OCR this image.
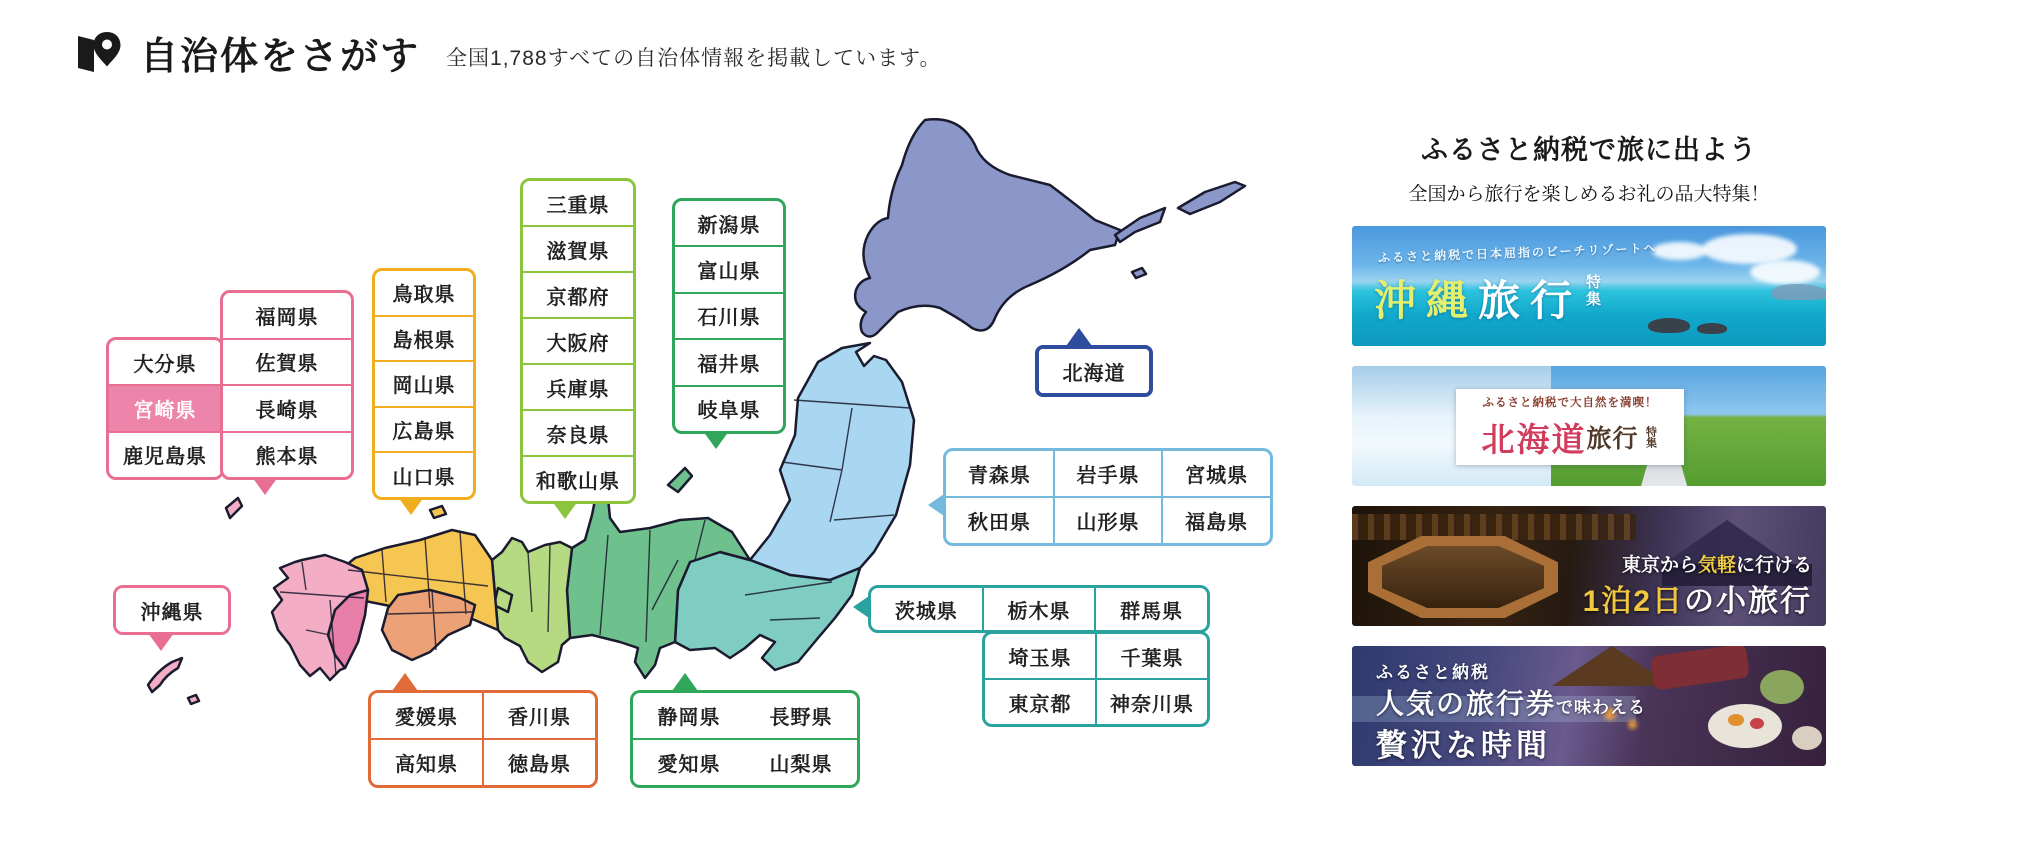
自治体をさがす 全国1,788すべての自治体情報を掲載しています。
大分県
宮崎県
鹿児島県
福岡県
佐賀県
長崎県
熊本県
沖縄県
鳥取県
島根県
岡山県
広島県
山口県
三重県
滋賀県
京都府
大阪府
兵庫県
奈良県
和歌山県
新潟県
富山県
石川県
福井県
岐阜県
北海道
青森県	岩手県	宮城県
秋田県	山形県	福島県
茨城県	栃木県	群馬県
埼玉県	千葉県
東京都	神奈川県
愛媛県	香川県
高知県	徳島県
静岡県	長野県
愛知県	山梨県
ふるさと納税で旅に出よう
全国から旅行を楽しめるお礼の品大特集！
ふるさと納税で日本屈指のビーチリゾートへ
沖縄 旅行 特集
ふるさと納税で大自然を満喫！
北海道 旅行 特集
東京から気軽に行ける
1泊2日の小旅行
ふるさと納税
人気の旅行券で味わえる
贅沢な時間
